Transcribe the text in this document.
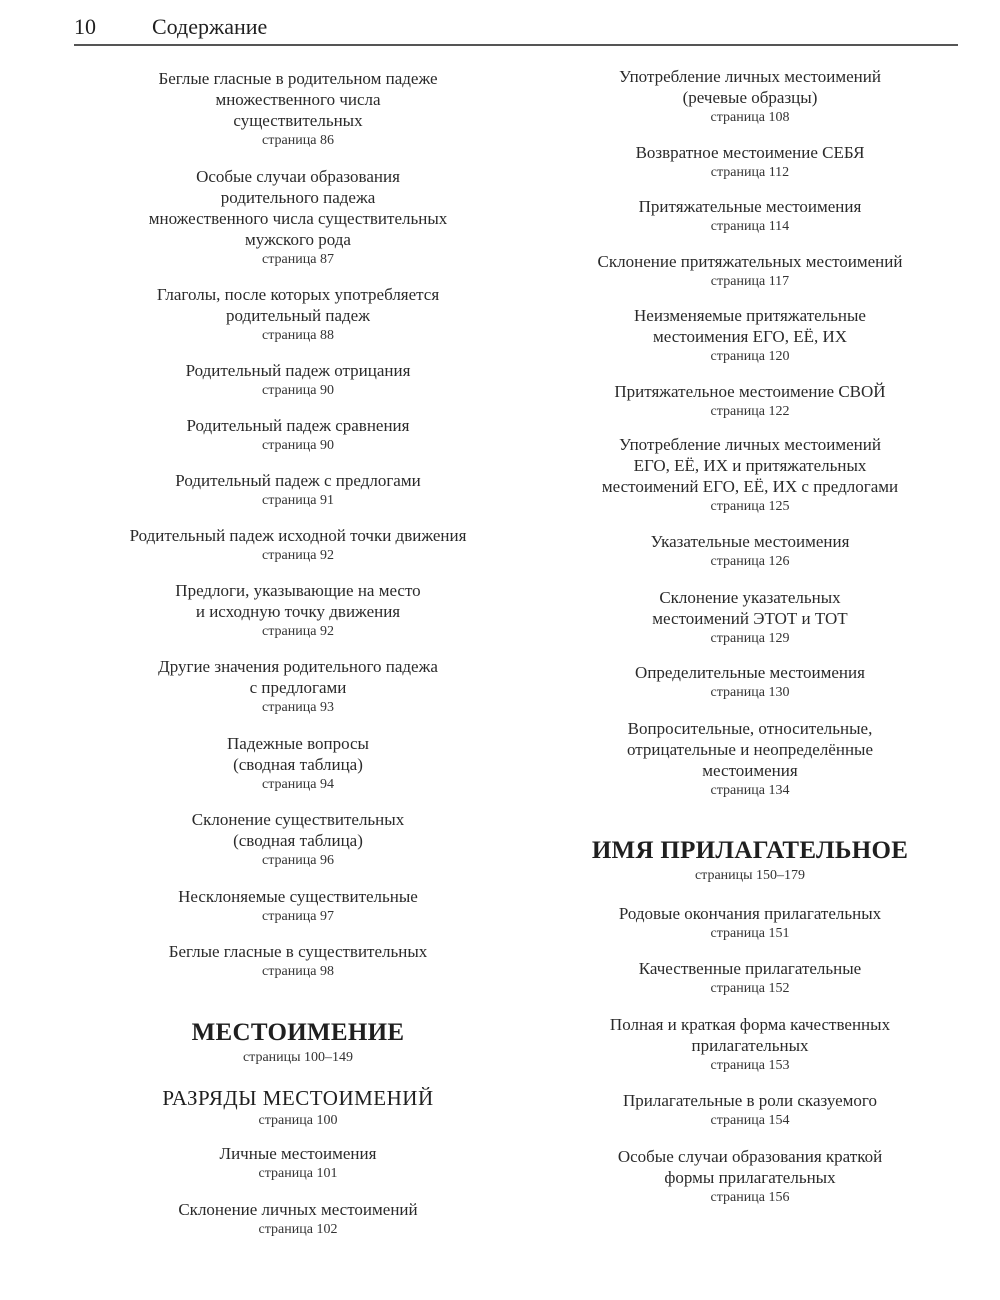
10	Содержание
Беглые гласные в родительном падеже
множественного числа
существительных
страница 86
Особые случаи образования
родительного падежа
множественного числа существительных
мужского рода
страница 87
Глаголы, после которых употребляется
родительный падеж
страница 88
Родительный падеж отрицания
страница 90
Родительный падеж сравнения
страница 90
Родительный падеж с предлогами
страница 91
Родительный падеж исходной точки движения
страница 92
Предлоги, указывающие на место
и исходную точку движения
страница 92
Другие значения родительного падежа
с предлогами
страница 93
Падежные вопросы
(сводная таблица)
страница 94
Склонение существительных
(сводная таблица)
страница 96
Несклоняемые существительные
страница 97
Беглые гласные в существительных
страница 98
МЕСТОИМЕНИЕ
страницы 100–149
РАЗРЯДЫ МЕСТОИМЕНИЙ
страница 100
Личные местоимения
страница 101
Склонение личных местоимений
страница 102
Употребление личных местоимений
(речевые образцы)
страница 108
Возвратное местоимение СЕБЯ
страница 112
Притяжательные местоимения
страница 114
Склонение притяжательных местоимений
страница 117
Неизменяемые притяжательные
местоимения ЕГО, ЕЁ, ИХ
страница 120
Притяжательное местоимение СВОЙ
страница 122
Употребление личных местоимений
ЕГО, ЕЁ, ИХ и притяжательных
местоимений ЕГО, ЕЁ, ИХ с предлогами
страница 125
Указательные местоимения
страница 126
Склонение указательных
местоимений ЭТОТ и ТОТ
страница 129
Определительные местоимения
страница 130
Вопросительные, относительные,
отрицательные и неопределённые
местоимения
страница 134
ИМЯ ПРИЛАГАТЕЛЬНОЕ
страницы 150–179
Родовые окончания прилагательных
страница 151
Качественные прилагательные
страница 152
Полная и краткая форма качественных
прилагательных
страница 153
Прилагательные в роли сказуемого
страница 154
Особые случаи образования краткой
формы прилагательных
страница 156
